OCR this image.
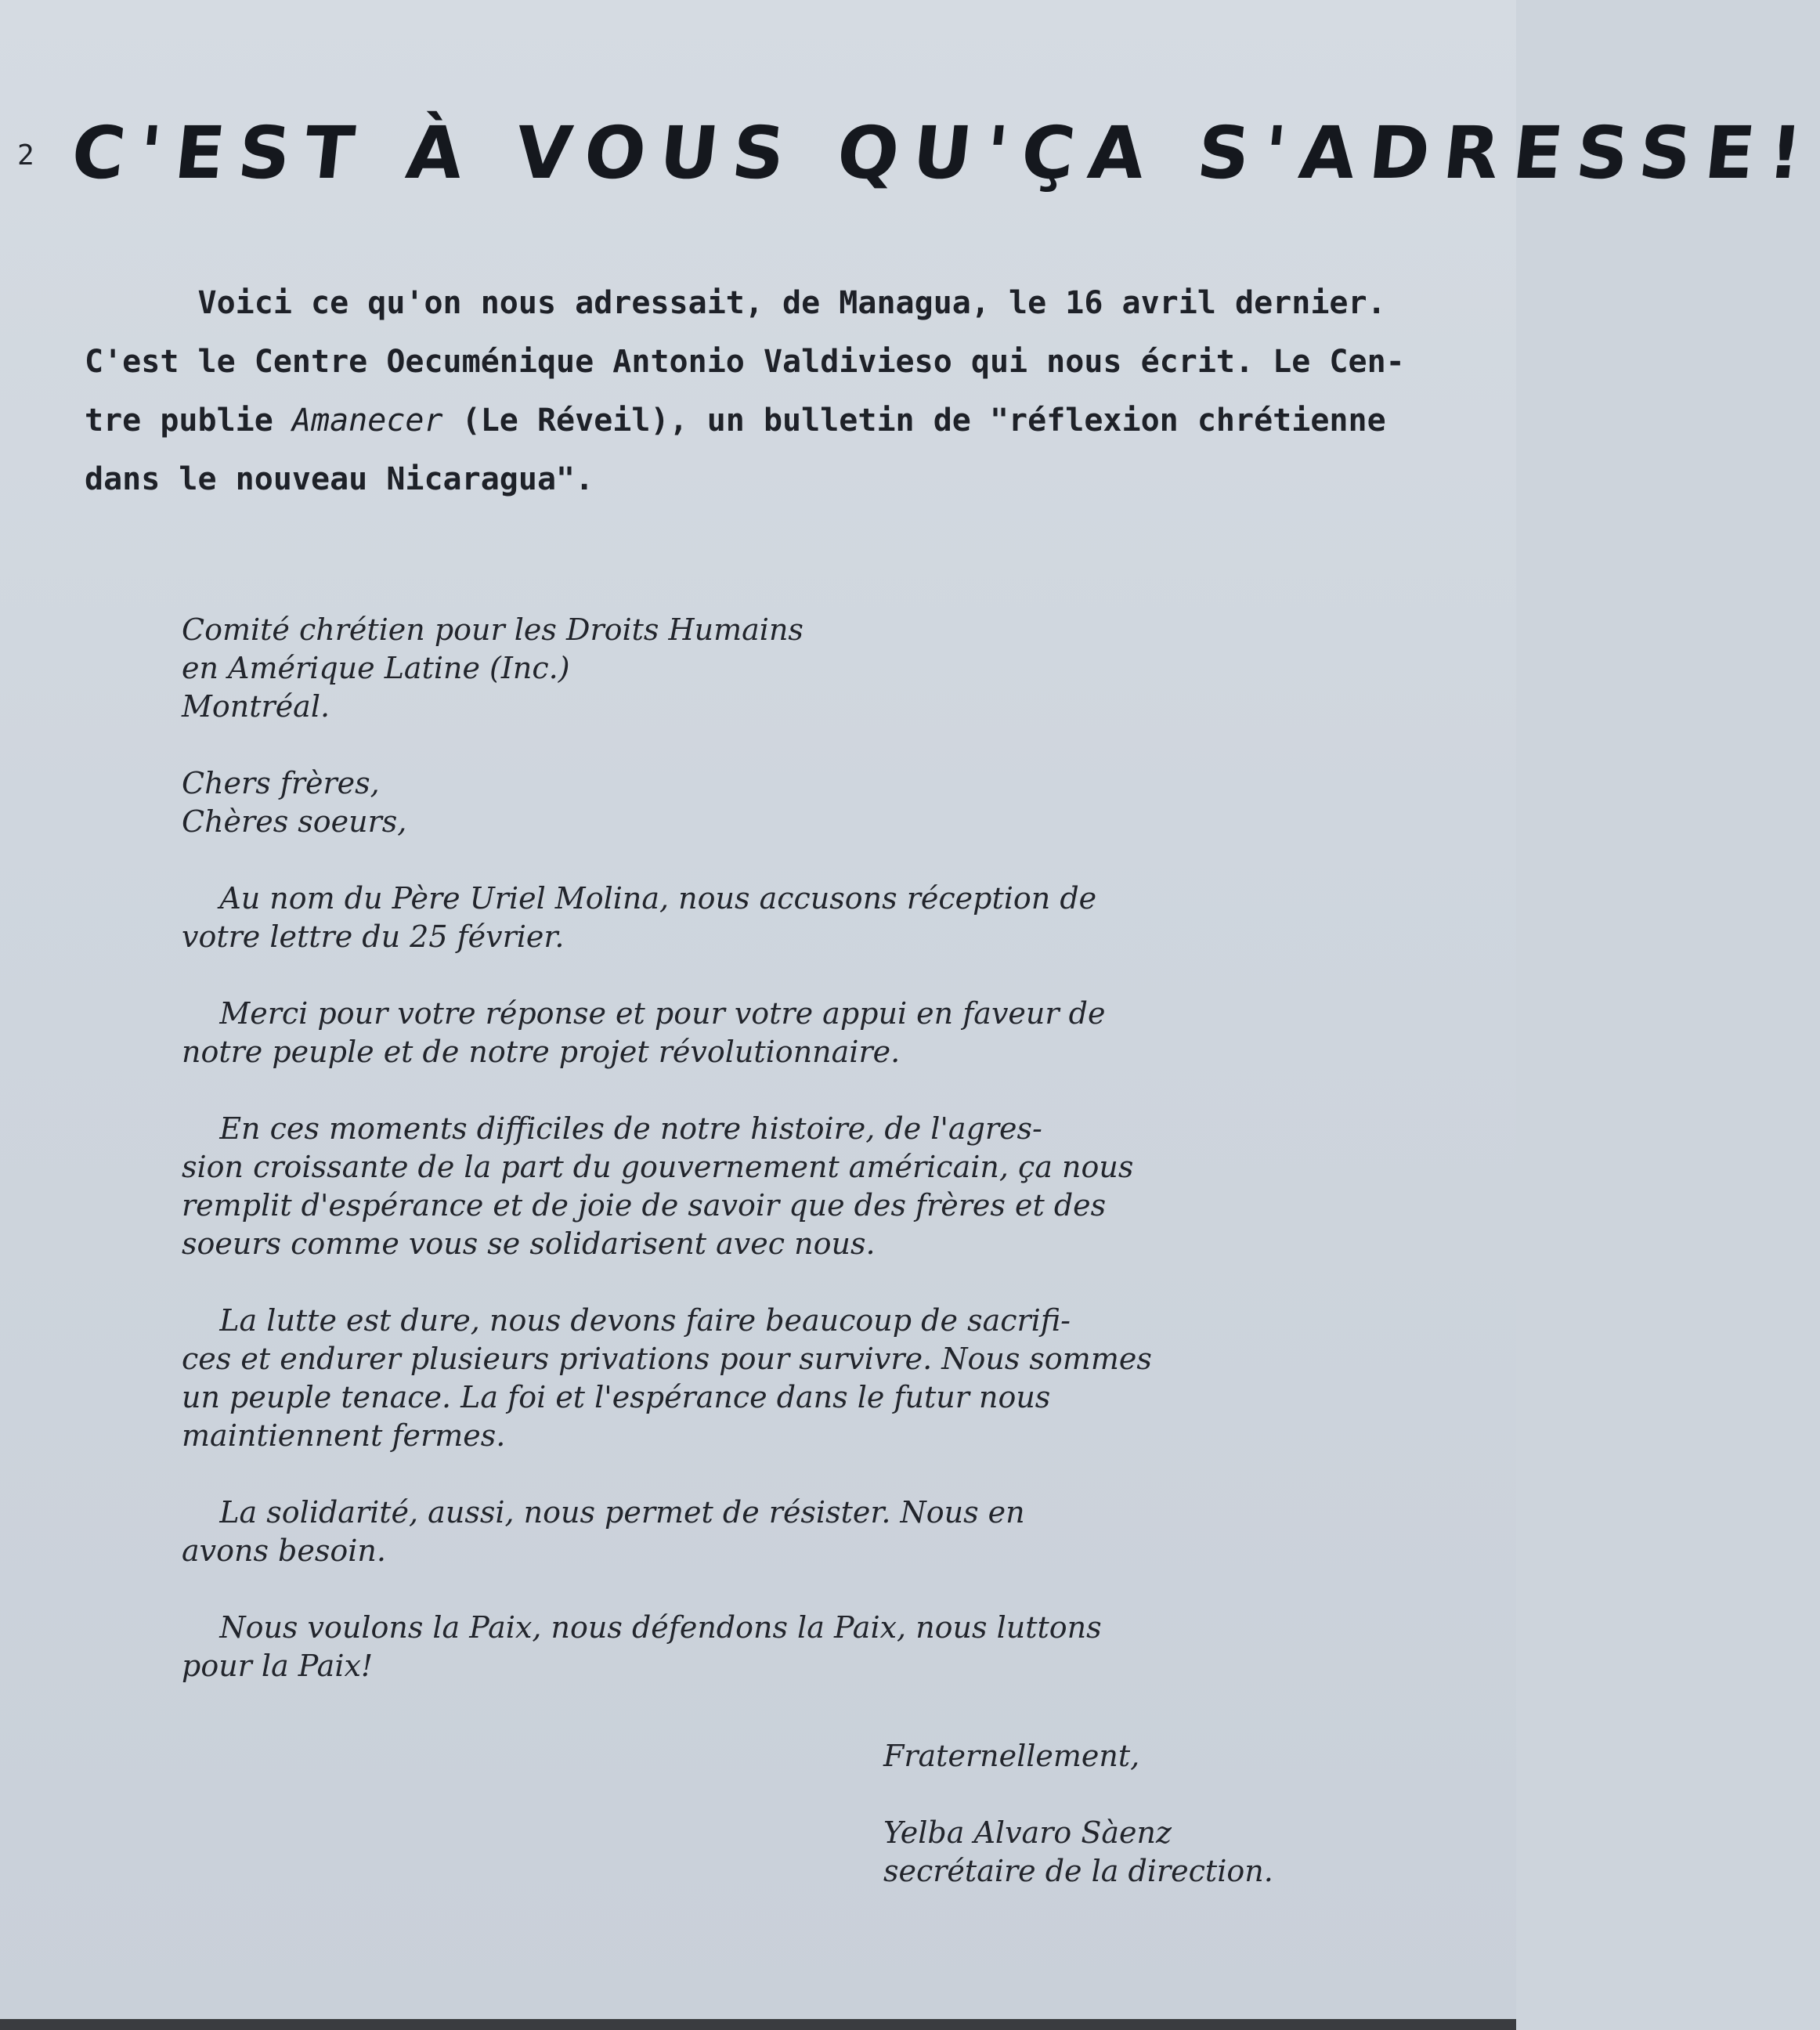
2 C'EST À VOUS QU'ÇA S'ADRESSE!
Voici ce qu'on nous adressait, de Managua, le 16 avril dernier.
C'est le Centre Oecuménique Antonio Valdivieso qui nous écrit. Le Cen-
tre publie Amanecer (Le Réveil), un bulletin de "réflexion chrétienne
dans le nouveau Nicaragua".
Comité chrétien pour les Droits Humains
en Amérique Latine (Inc.)
Montréal.
Chers frères,
Chères soeurs,
Au nom du Père Uriel Molina, nous accusons réception de
votre lettre du 25 février.
Merci pour votre réponse et pour votre appui en faveur de
notre peuple et de notre projet révolutionnaire.
En ces moments difficiles de notre histoire, de l'agres-
sion croissante de la part du gouvernement américain, ça nous
remplit d'espérance et de joie de savoir que des frères et des
soeurs comme vous se solidarisent avec nous.
La lutte est dure, nous devons faire beaucoup de sacrifi-
ces et endurer plusieurs privations pour survivre. Nous sommes
un peuple tenace. La foi et l'espérance dans le futur nous
maintiennent fermes.
La solidarité, aussi, nous permet de résister. Nous en
avons besoin.
Nous voulons la Paix, nous défendons la Paix, nous luttons
pour la Paix!
Fraternellement,
Yelba Alvaro Sàenz
secrétaire de la direction.
